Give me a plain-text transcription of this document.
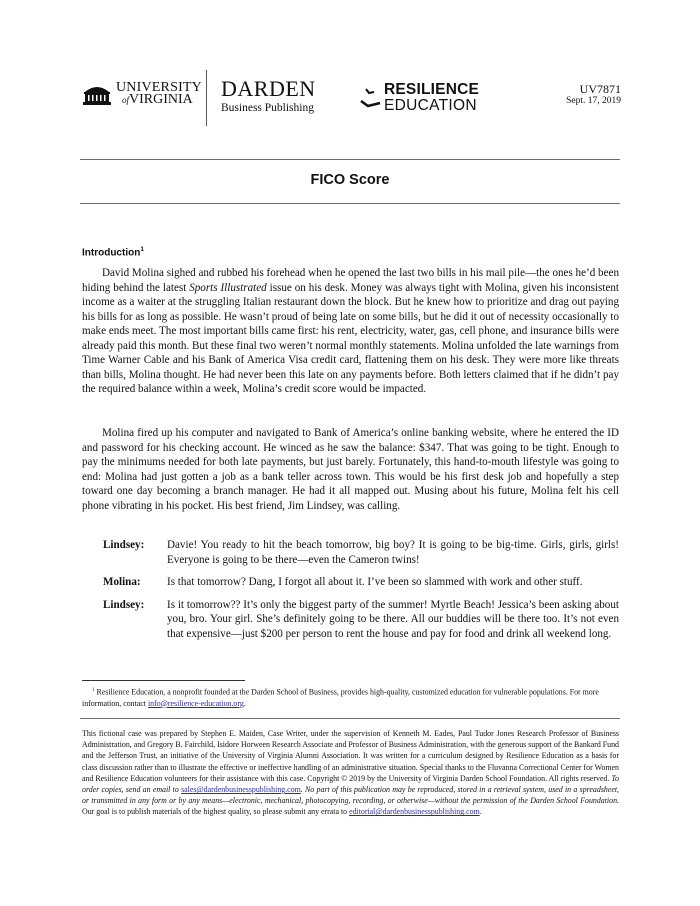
UNIVERSITY
ofVIRGINIA	DARDEN
Business Publishing
RESILIENCE
EDUCATION
UV7871
Sept. 17, 2019
FICO Score
Introduction$^1$

David Molina sighed and rubbed his forehead when he opened the last two bills in his mail pile—the ones he’d been hiding behind the latest Sports Illustrated issue on his desk. Money was always tight with Molina, given his inconsistent income as a waiter at the struggling Italian restaurant down the block. But he knew how to prioritize and drag out paying his bills for as long as possible. He wasn’t proud of being late on some bills, but he did it out of necessity occasionally to make ends meet. The most important bills came first: his rent, electricity, water, gas, cell phone, and insurance bills were already paid this month. But these final two weren’t normal monthly statements. Molina unfolded the late warnings from Time Warner Cable and his Bank of America Visa credit card, flattening them on his desk. They were more like threats than bills, Molina thought. He had never been this late on any payments before. Both letters claimed that if he didn’t pay the required balance within a week, Molina’s credit score would be impacted.

Molina fired up his computer and navigated to Bank of America’s online banking website, where he entered the ID and password for his checking account. He winced as he saw the balance: $347. That was going to be tight. Enough to pay the minimums needed for both late payments, but just barely. Fortunately, this hand-to-mouth lifestyle was going to end: Molina had just gotten a job as a bank teller across town. This would be his first desk job and hopefully a step toward one day becoming a branch manager. He had it all mapped out. Musing about his future, Molina felt his cell phone vibrating in his pocket. His best friend, Jim Lindsey, was calling.

Lindsey:	Davie! You ready to hit the beach tomorrow, big boy? It is going to be big-time. Girls, girls, girls! Everyone is going to be there—even the Cameron twins!
Molina:	Is that tomorrow? Dang, I forgot all about it. I’ve been so slammed with work and other stuff.
Lindsey:	Is it tomorrow?? It’s only the biggest party of the summer! Myrtle Beach! Jessica’s been asking about you, bro. Your girl. She’s definitely going to be there. All our buddies will be there too. It’s not even that expensive—just $200 per person to rent the house and pay for food and drink all weekend long.
$^1$ Resilience Education, a nonprofit founded at the Darden School of Business, provides high-quality, customized education for vulnerable populations. For more information, contact info@resilience-education.org.
This fictional case was prepared by Stephen E. Maiden, Case Writer, under the supervision of Kenneth M. Eades, Paul Tudor Jones Research Professor of Business Administration, and Gregory B. Fairchild, Isidore Horween Research Associate and Professor of Business Administration, with the generous support of the Bankard Fund and the Jefferson Trust, an initiative of the University of Virginia Alumni Association. It was written for a curriculum designed by Resilience Education as a basis for class discussion rather than to illustrate the effective or ineffective handling of an administrative situation. Special thanks to the Fluvanna Correctional Center for Women and Resilience Education volunteers for their assistance with this case. Copyright © 2019 by the University of Virginia Darden School Foundation. All rights reserved. To order copies, send an email to sales@dardenbusinesspublishing.com. No part of this publication may be reproduced, stored in a retrieval system, used in a spreadsheet, or transmitted in any form or by any means—electronic, mechanical, photocopying, recording, or otherwise—without the permission of the Darden School Foundation. Our goal is to publish materials of the highest quality, so please submit any errata to editorial@dardenbusinesspublishing.com.
